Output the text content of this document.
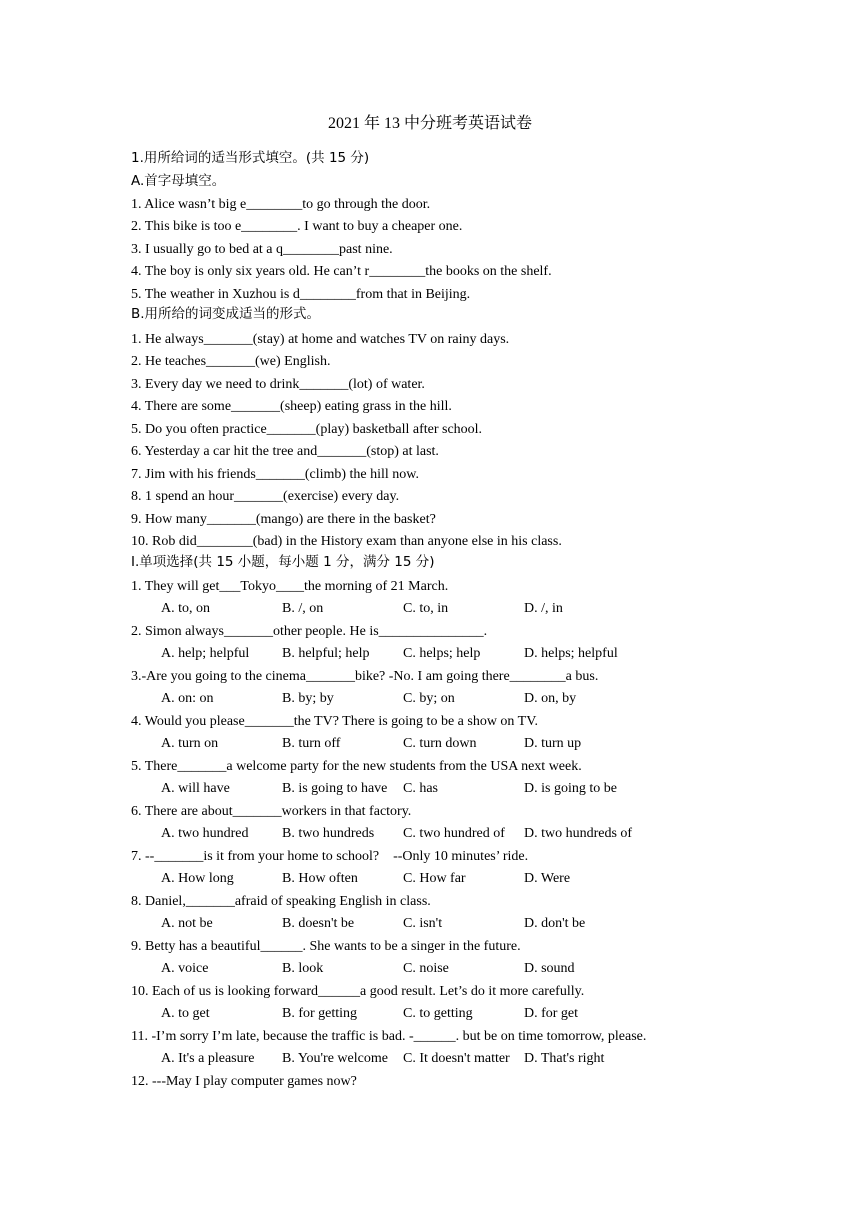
2021 年 13 中分班考英语试卷
1.用所给词的适当形式填空。(共 15 分)
A.首字母填空。
1. Alice wasn’t big e________to go through the door.
2. This bike is too e________. I want to buy a cheaper one.
3. I usually go to bed at a q________past nine.
4. The boy is only six years old. He can’t r________the books on the shelf.
5. The weather in Xuzhou is d________from that in Beijing.
B.用所给的词变成适当的形式。
1. He always_______(stay) at home and watches TV on rainy days.
2. He teaches_______(we) English.
3. Every day we need to drink_______(lot) of water.
4. There are some_______(sheep) eating grass in the hill.
5. Do you often practice_______(play) basketball after school.
6. Yesterday a car hit the tree and_______(stop) at last.
7. Jim with his friends_______(climb) the hill now.
8. 1 spend an hour_______(exercise) every day.
9. How many_______(mango) are there in the basket?
10. Rob did________(bad) in the History exam than anyone else in his class.
I.单项选择(共 15 小题，每小题 1 分，满分 15 分)
1. They will get___Tokyo____the morning of 21 March.
A. to, on	B. /, on	C. to, in	D. /, in
2. Simon always_______other people. He is_______________.
A. help; helpful B. helpful; help C. helps; help	D. helps; helpful
3.-Are you going to the cinema_______bike? -No. I am going there________a bus.
A. on: on	B. by; by	C. by; on	D. on, by
4. Would you please_______the TV? There is going to be a show on TV.
A. turn on	B. turn off	C. turn down	D. turn up
5. There_______a welcome party for the new students from the USA next week.
A. will have	B. is going to have C. has	D. is going to be
6. There are about_______workers in that factory.
A. two hundred B. two hundreds C. two hundred of D. two hundreds of
7. --_______is it from your home to school?    --Only 10 minutes’ ride.
A. How long	B. How often	C. How far	D. Were
8. Daniel,_______afraid of speaking English in class.
A. not be	B. doesn't be	C. isn't	D. don't be
9. Betty has a beautiful______. She wants to be a singer in the future.
A. voice	B. look	C. noise	D. sound
10. Each of us is looking forward______a good result. Let’s do it more carefully.
A. to get	B. for getting	C. to getting	D. for get
11. -I’m sorry I’m late, because the traffic is bad. -______. but be on time tomorrow, please.
A. It's a pleasure B. You're welcome C. It doesn't matter D. That's right
12. ---May I play computer games now?
